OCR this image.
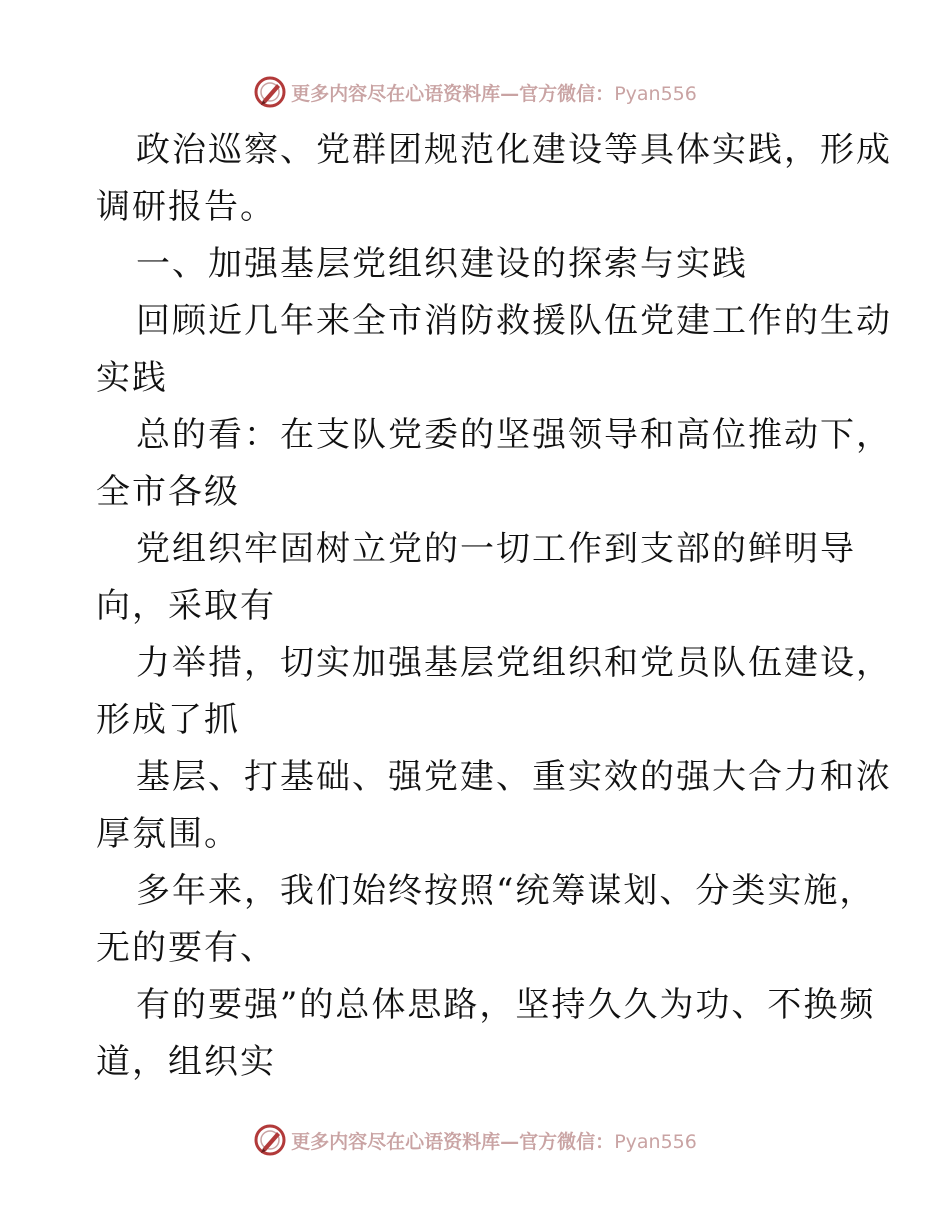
更多内容尽在心语资料库—官方微信：Pyan556
政治巡察、党群团规范化建设等具体实践，形成
调研报告。
一、加强基层党组织建设的探索与实践
回顾近几年来全市消防救援队伍党建工作的生动
实践
总的看：在支队党委的坚强领导和高位推动下，
全市各级
党组织牢固树立党的一切工作到支部的鲜明导
向，采取有
力举措，切实加强基层党组织和党员队伍建设，
形成了抓
基层、打基础、强党建、重实效的强大合力和浓
厚氛围。
多年来，我们始终按照“统筹谋划、分类实施，
无的要有、
有的要强”的总体思路，坚持久久为功、不换频
道，组织实
更多内容尽在心语资料库—官方微信：Pyan556
